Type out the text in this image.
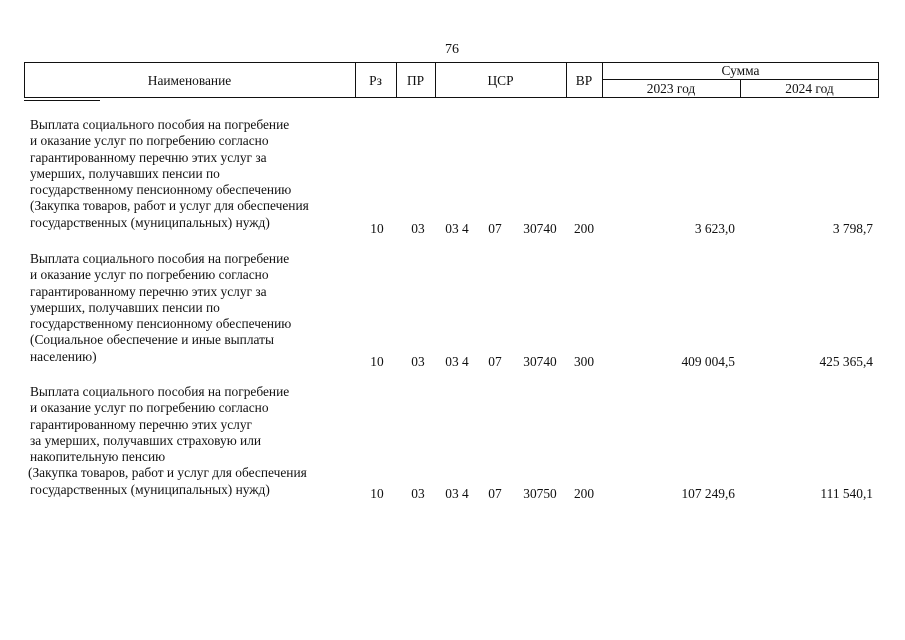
76
Наименование	Рз	ПР	ЦСР	ВР
Сумма
2023 год	2024 год
Выплата социального пособия на погребение
и оказание услуг по погребению согласно
гарантированному перечню этих услуг за
умерших, получавших пенсии по
государственному пенсионному обеспечению
(Закупка товаров, работ и услуг для обеспечения
государственных (муниципальных) нужд)	10	03	03 4	07	30740	200	3 623,0	3 798,7
Выплата социального пособия на погребение
и оказание услуг по погребению согласно
гарантированному перечню этих услуг за
умерших, получавших пенсии по
государственному пенсионному обеспечению
(Социальное обеспечение и иные выплаты
населению)	10	03	03 4	07	30740	300	409 004,5	425 365,4
Выплата социального пособия на погребение
и оказание услуг по погребению согласно
гарантированному перечню этих услуг
за умерших, получавших страховую или
накопительную пенсию
(Закупка товаров, работ и услуг для обеспечения
государственных (муниципальных) нужд)	10	03	03 4	07	30750	200	107 249,6	111 540,1
